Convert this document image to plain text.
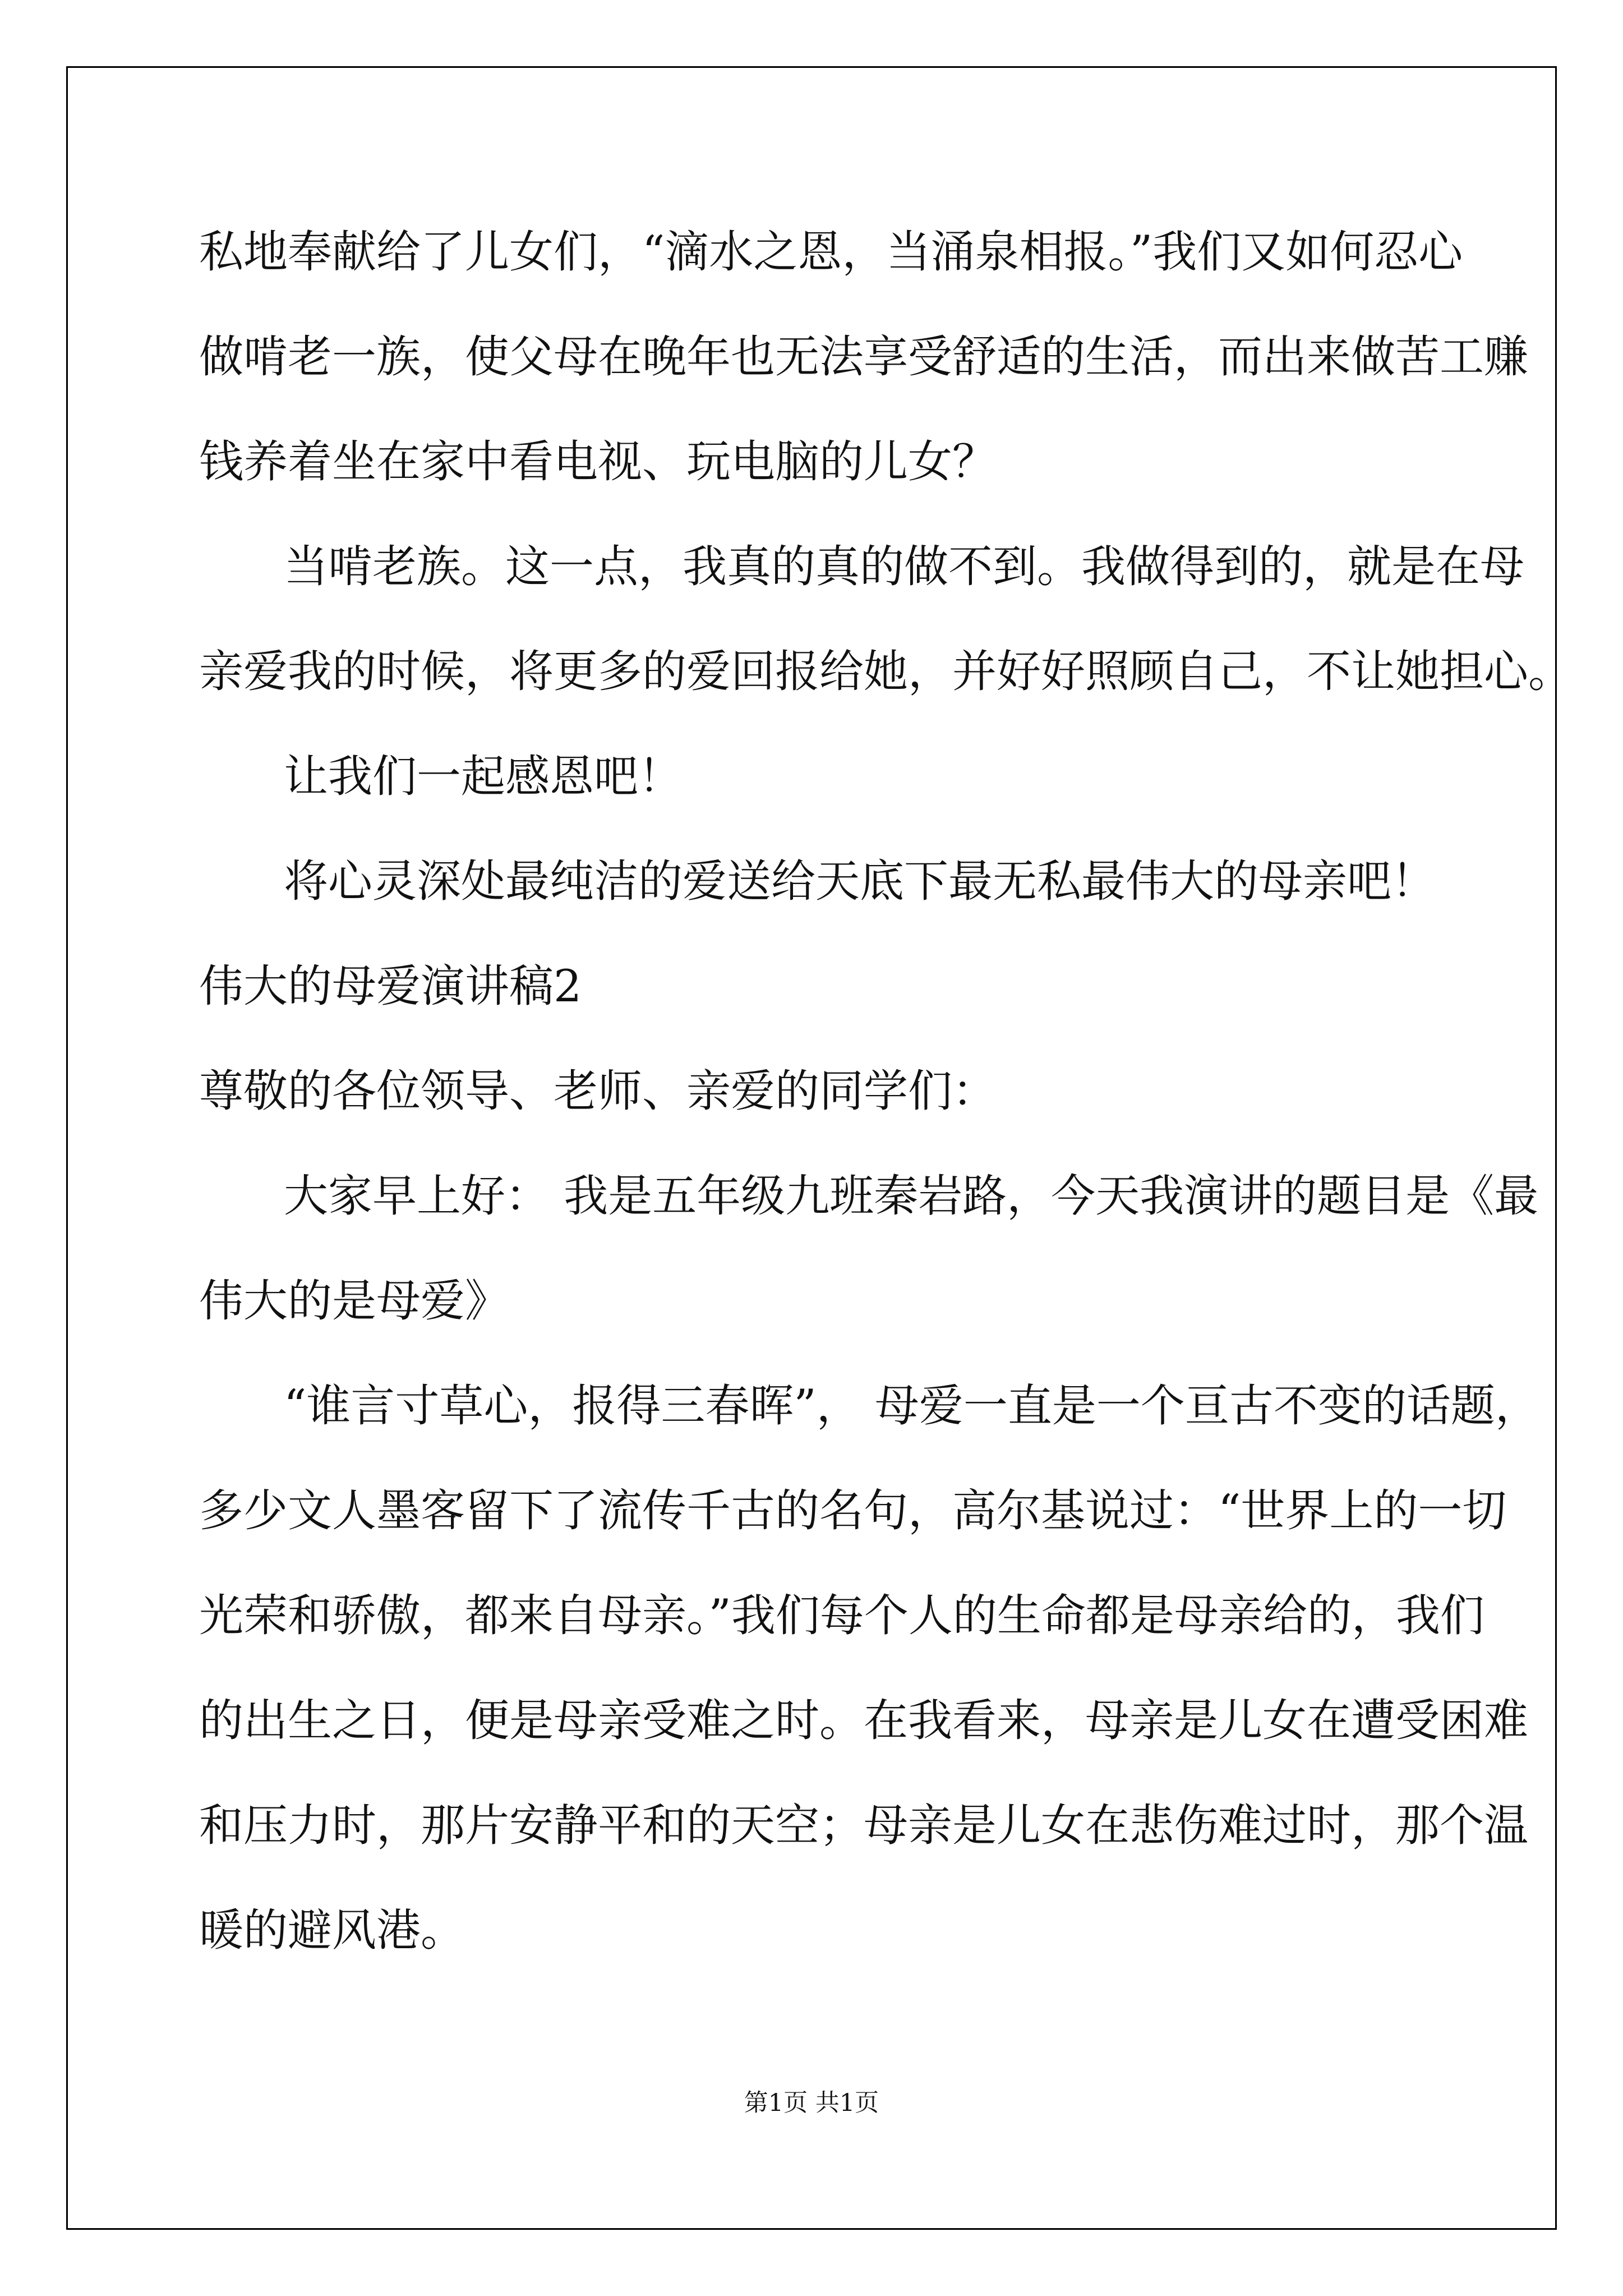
私地奉献给了儿女们，“滴水之恩，当涌泉相报。”我们又如何忍心
做啃老一族，使父母在晚年也无法享受舒适的生活，而出来做苦工赚
钱养着坐在家中看电视、玩电脑的儿女？
当啃老族。这一点，我真的真的做不到。我做得到的，就是在母
亲爱我的时候，将更多的爱回报给她，并好好照顾自己，不让她担心。
让我们一起感恩吧！
将心灵深处最纯洁的爱送给天底下最无私最伟大的母亲吧！
伟大的母爱演讲稿2
尊敬的各位领导、老师、亲爱的同学们：
大家早上好： 我是五年级九班秦岩路，今天我演讲的题目是《最
伟大的是母爱》
“谁言寸草心，报得三春晖”， 母爱一直是一个亘古不变的话题，
多少文人墨客留下了流传千古的名句，高尔基说过：“世界上的一切
光荣和骄傲，都来自母亲。”我们每个人的生命都是母亲给的，我们
的出生之日，便是母亲受难之时。在我看来，母亲是儿女在遭受困难
和压力时，那片安静平和的天空；母亲是儿女在悲伤难过时，那个温
暖的避风港。
第1页 共1页
